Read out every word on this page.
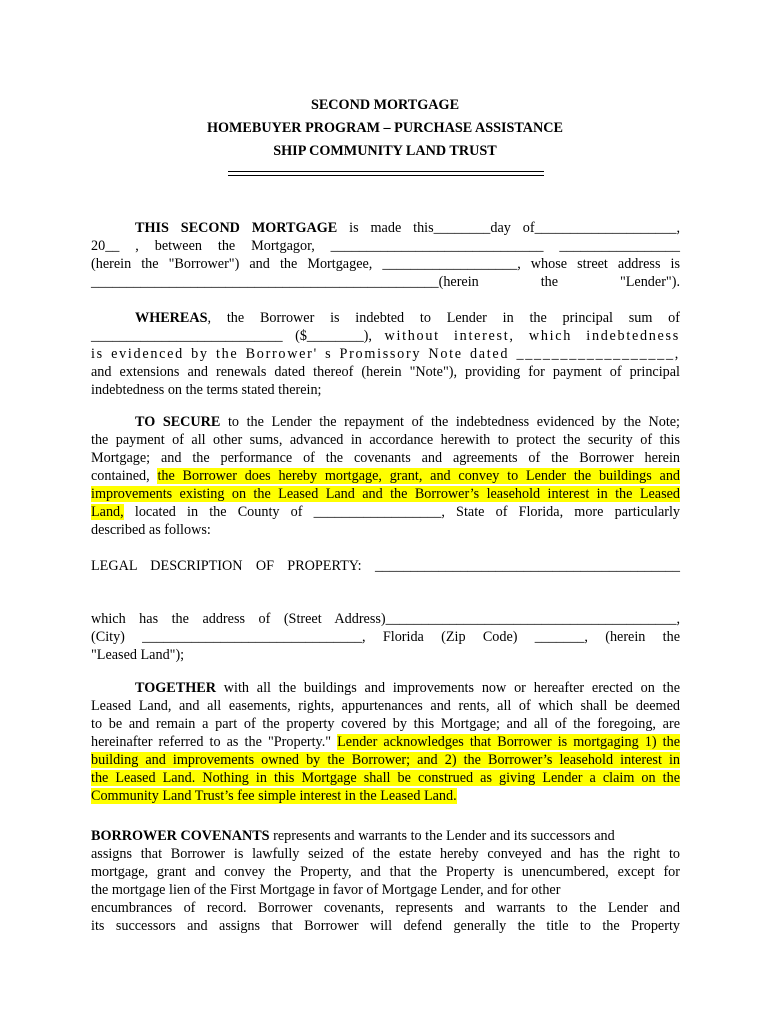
SECOND MORTGAGE
HOMEBUYER PROGRAM – PURCHASE ASSISTANCE
SHIP COMMUNITY LAND TRUST
THIS SECOND MORTGAGE is made this________day of____________________,
20__ , between the Mortgagor, ______________________________ _________________
(herein the "Borrower") and the Mortgagee, ___________________, whose street address is
_________________________________________________(herein the "Lender").
WHEREAS, the Borrower is indebted to Lender in the principal sum of
___________________________ ($________), without interest, which indebtedness
is evidenced by the Borrower' s Promissory Note dated __________________,
and extensions and renewals dated thereof (herein "Note"), providing for payment of principal
indebtedness on the terms stated therein;
TO SECURE to the Lender the repayment of the indebtedness evidenced by the Note;
the payment of all other sums, advanced in accordance herewith to protect the security of this
Mortgage; and the performance of the covenants and agreements of the Borrower herein
contained, the Borrower does hereby mortgage, grant, and convey to Lender the buildings and
improvements existing on the Leased Land and the Borrower’s leasehold interest in the Leased
Land, located in the County of __________________, State of Florida, more particularly
described as follows:
LEGAL DESCRIPTION OF PROPERTY: ___________________________________________
which has the address of (Street Address)_________________________________________,
(City) _______________________________, Florida (Zip Code) _______, (herein the
"Leased Land");
TOGETHER with all the buildings and improvements now or hereafter erected on the
Leased Land, and all easements, rights, appurtenances and rents, all of which shall be deemed
to be and remain a part of the property covered by this Mortgage; and all of the foregoing, are
hereinafter referred to as the "Property." Lender acknowledges that Borrower is mortgaging 1) the
building and improvements owned by the Borrower; and 2) the Borrower’s leasehold interest in
the Leased Land. Nothing in this Mortgage shall be construed as giving Lender a claim on the
Community Land Trust’s fee simple interest in the Leased Land.
BORROWER COVENANTS represents and warrants to the Lender and its successors and
assigns that Borrower is lawfully seized of the estate hereby conveyed and has the right to
mortgage, grant and convey the Property, and that the Property is unencumbered, except for
the mortgage lien of the First Mortgage in favor of Mortgage Lender, and for other
encumbrances of record. Borrower covenants, represents and warrants to the Lender and
its successors and assigns that Borrower will defend generally the title to the Property
